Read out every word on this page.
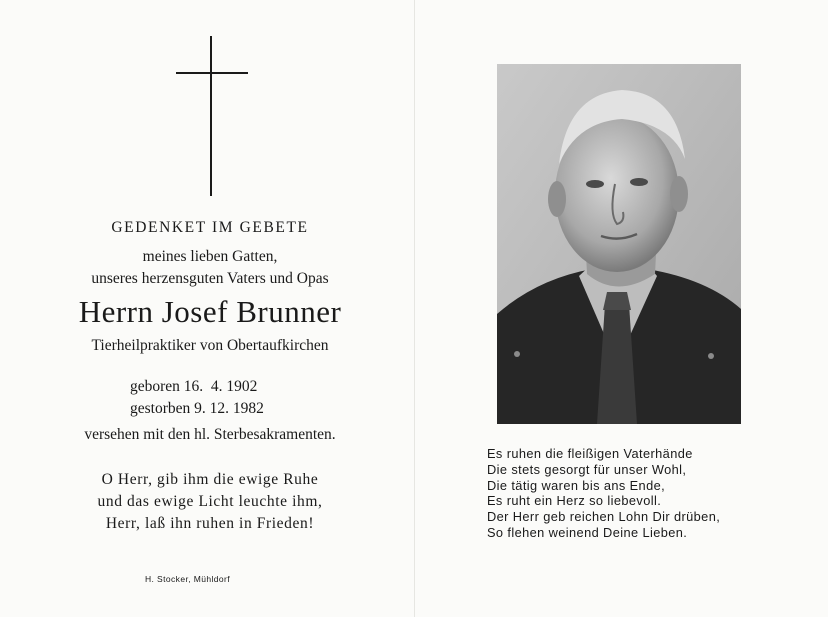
GEDENKET IM GEBETE
meines lieben Gatten,
unseres herzensguten Vaters und Opas
Herrn Josef Brunner
Tierheilpraktiker von Obertaufkirchen
geboren 16.  4. 1902
gestorben 9. 12. 1982
versehen mit den hl. Sterbesakramenten.
O Herr, gib ihm die ewige Ruhe
und das ewige Licht leuchte ihm,
Herr, laß ihn ruhen in Frieden!
H. Stocker, Mühldorf
Es ruhen die fleißigen Vaterhände
Die stets gesorgt für unser Wohl,
Die tätig waren bis ans Ende,
Es ruht ein Herz so liebevoll.
Der Herr geb reichen Lohn Dir drüben,
So flehen weinend Deine Lieben.
